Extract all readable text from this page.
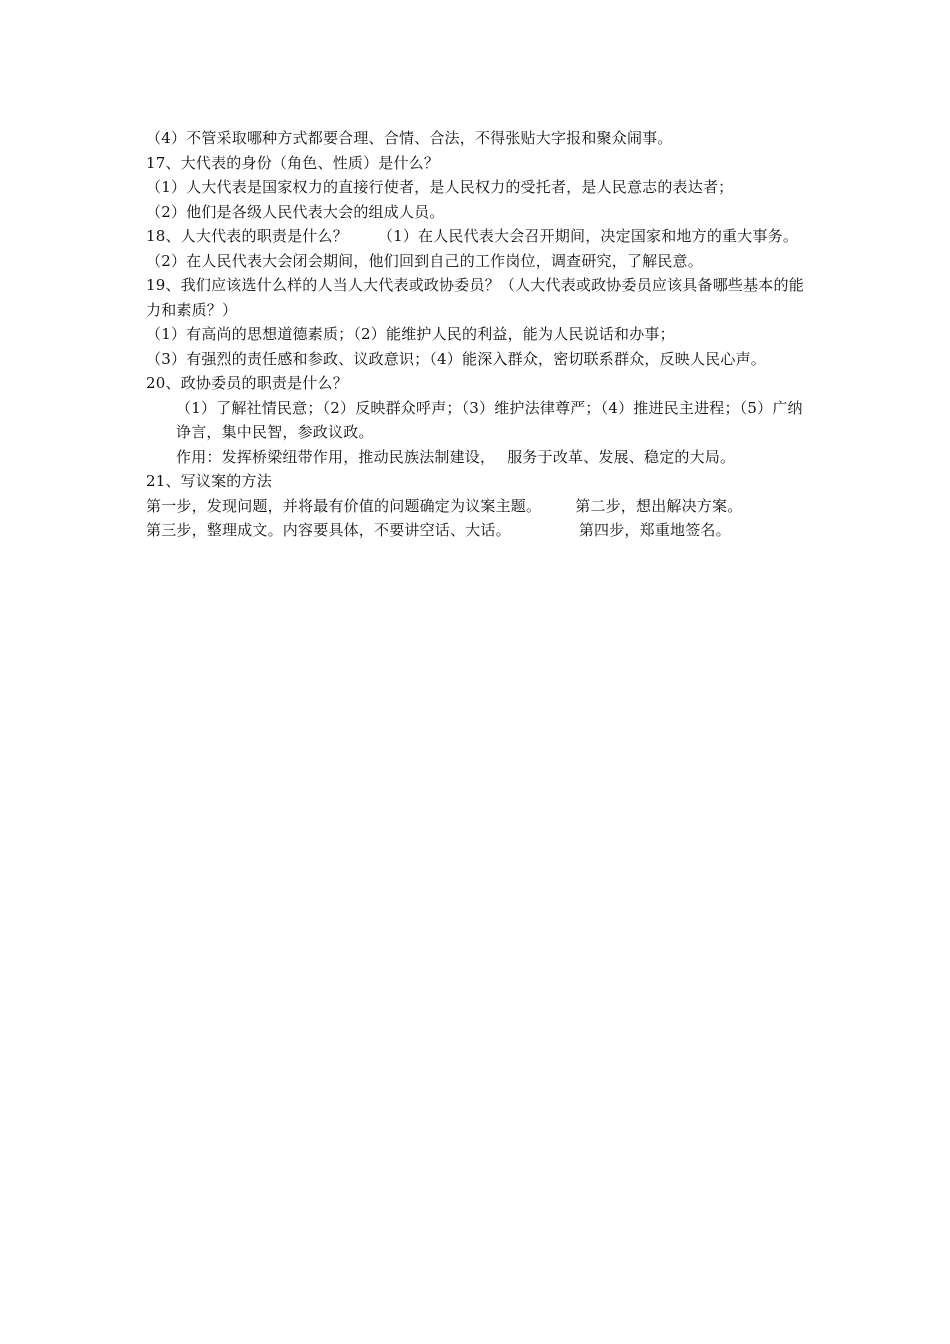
（4）不管采取哪种方式都要合理、合情、合法，不得张贴大字报和聚众闹事。
17、大代表的身份（角色、性质）是什么？
（1）人大代表是国家权力的直接行使者，是人民权力的受托者，是人民意志的表达者；
（2）他们是各级人民代表大会的组成人员。
18、人大代表的职责是什么？ （1）在人民代表大会召开期间，决定国家和地方的重大事务。
（2）在人民代表大会闭会期间，他们回到自己的工作岗位，调查研究，了解民意。
19、我们应该选什么样的人当人大代表或政协委员？（人大代表或政协委员应该具备哪些基本的能力和素质？）
（1）有高尚的思想道德素质；（2）能维护人民的利益，能为人民说话和办事；
（3）有强烈的责任感和参政、议政意识；（4）能深入群众，密切联系群众，反映人民心声。
20、政协委员的职责是什么？
（1）了解社情民意；（2）反映群众呼声；（3）维护法律尊严；（4）推进民主进程；（5）广纳诤言，集中民智，参政议政。
作用：发挥桥梁纽带作用，推动民族法制建设， 服务于改革、发展、稳定的大局。
21、写议案的方法
第一步，发现问题，并将最有价值的问题确定为议案主题。 第二步，想出解决方案。
第三步，整理成文。内容要具体，不要讲空话、大话。	第四步，郑重地签名。
